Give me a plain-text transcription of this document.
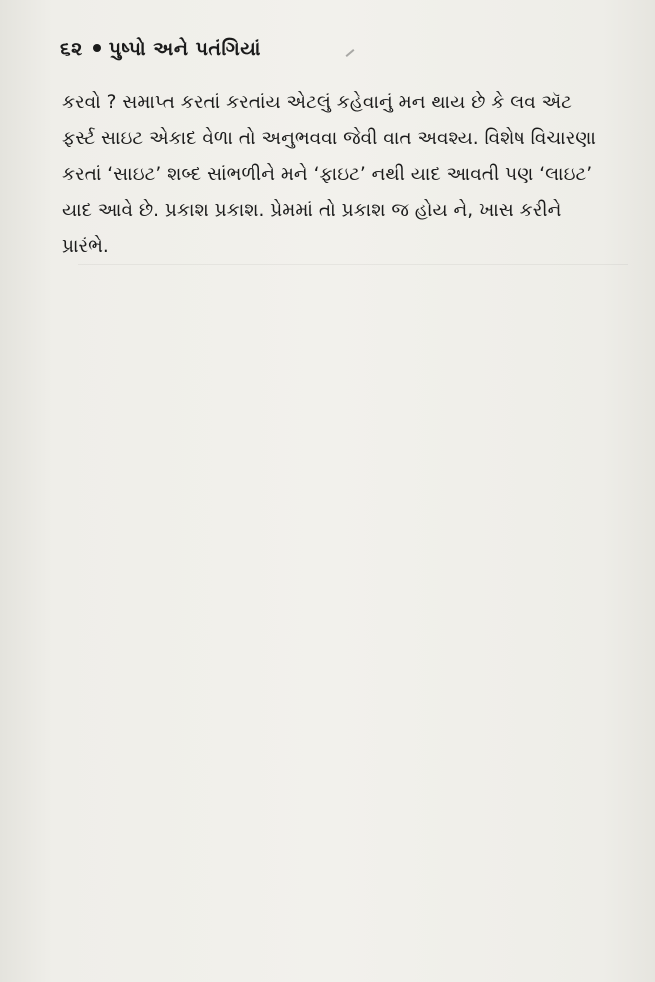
૬૨ પુષ્પો અને પતંગિયાં
કરવો ? સમાપ્ત કરતાં કરતાંય એટલું કહેવાનું મન થાય છે કે લવ ઍટ
ફર્સ્ટ સાઇટ એકાદ વેળા તો અનુભવવા જેવી વાત અવશ્ય. વિશેષ વિચારણા
કરતાં ‘સાઇટ’ શબ્દ સાંભળીને મને ‘ફાઇટ’ નથી યાદ આવતી પણ ‘લાઇટ’
યાદ આવે છે. પ્રકાશ પ્રકાશ. પ્રેમમાં તો પ્રકાશ જ હોય ને, ખાસ કરીને
પ્રારંભે.
